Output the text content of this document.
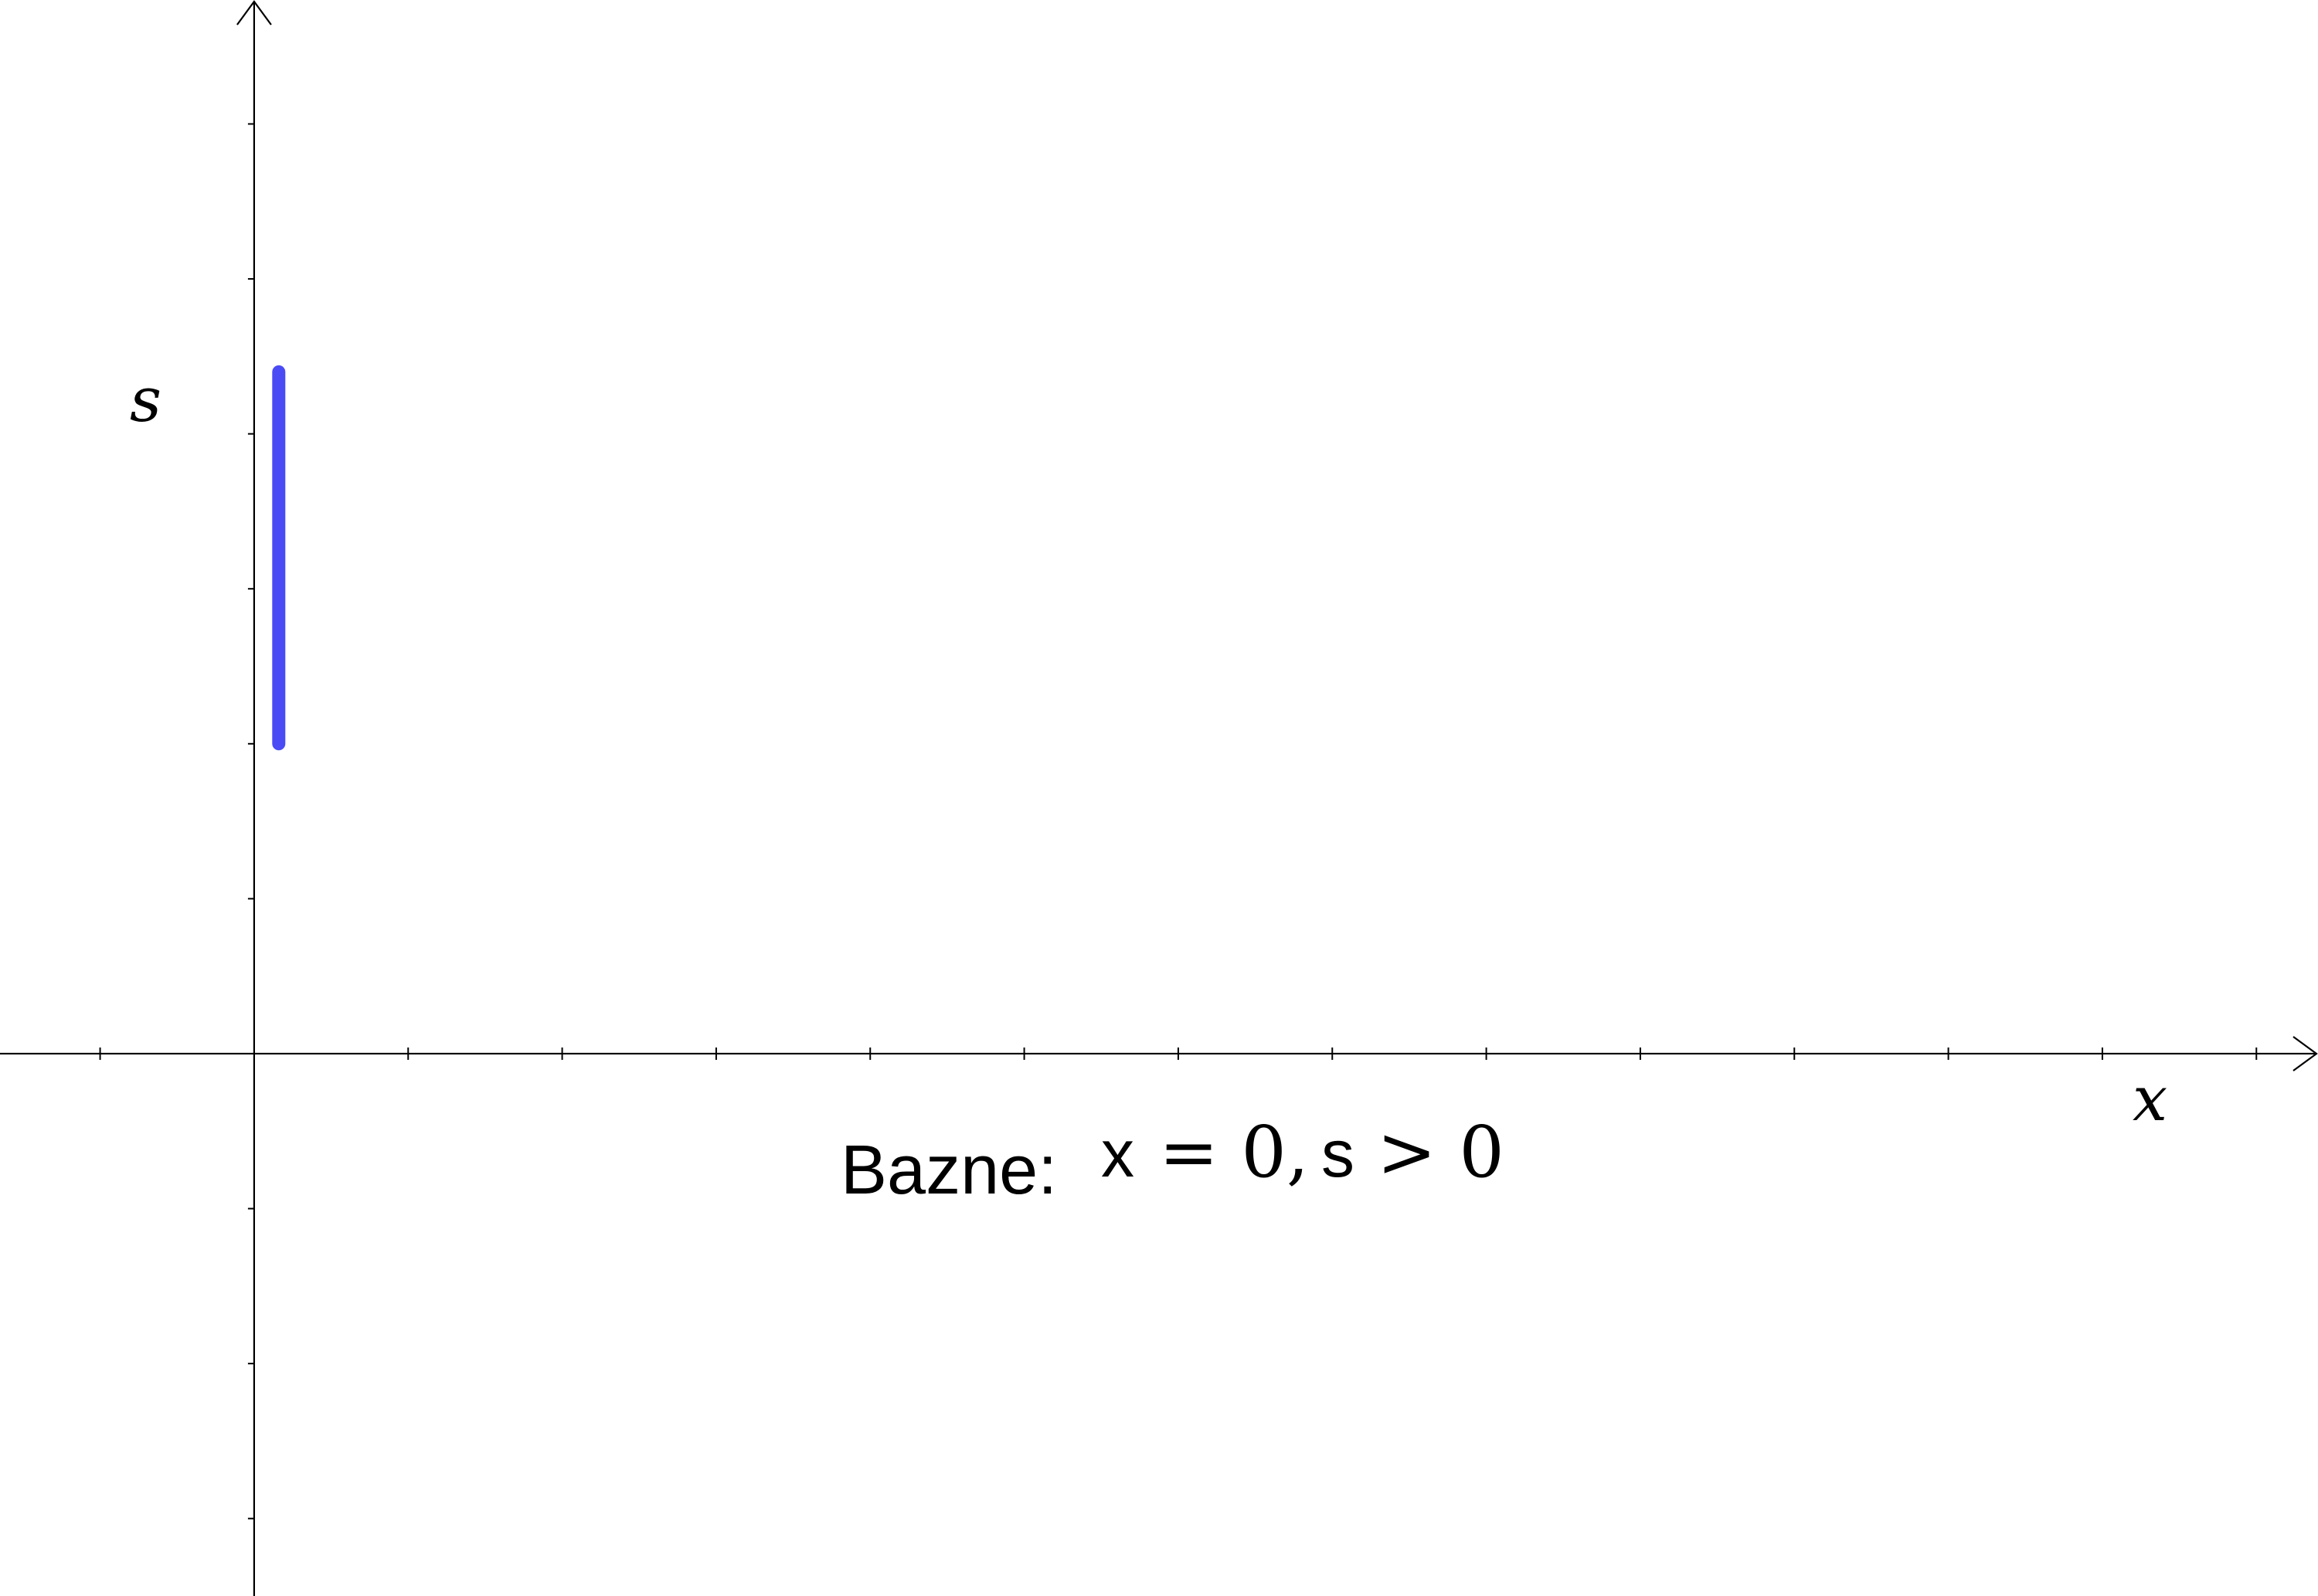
x
s
Bazne: x = 0, s > 0
